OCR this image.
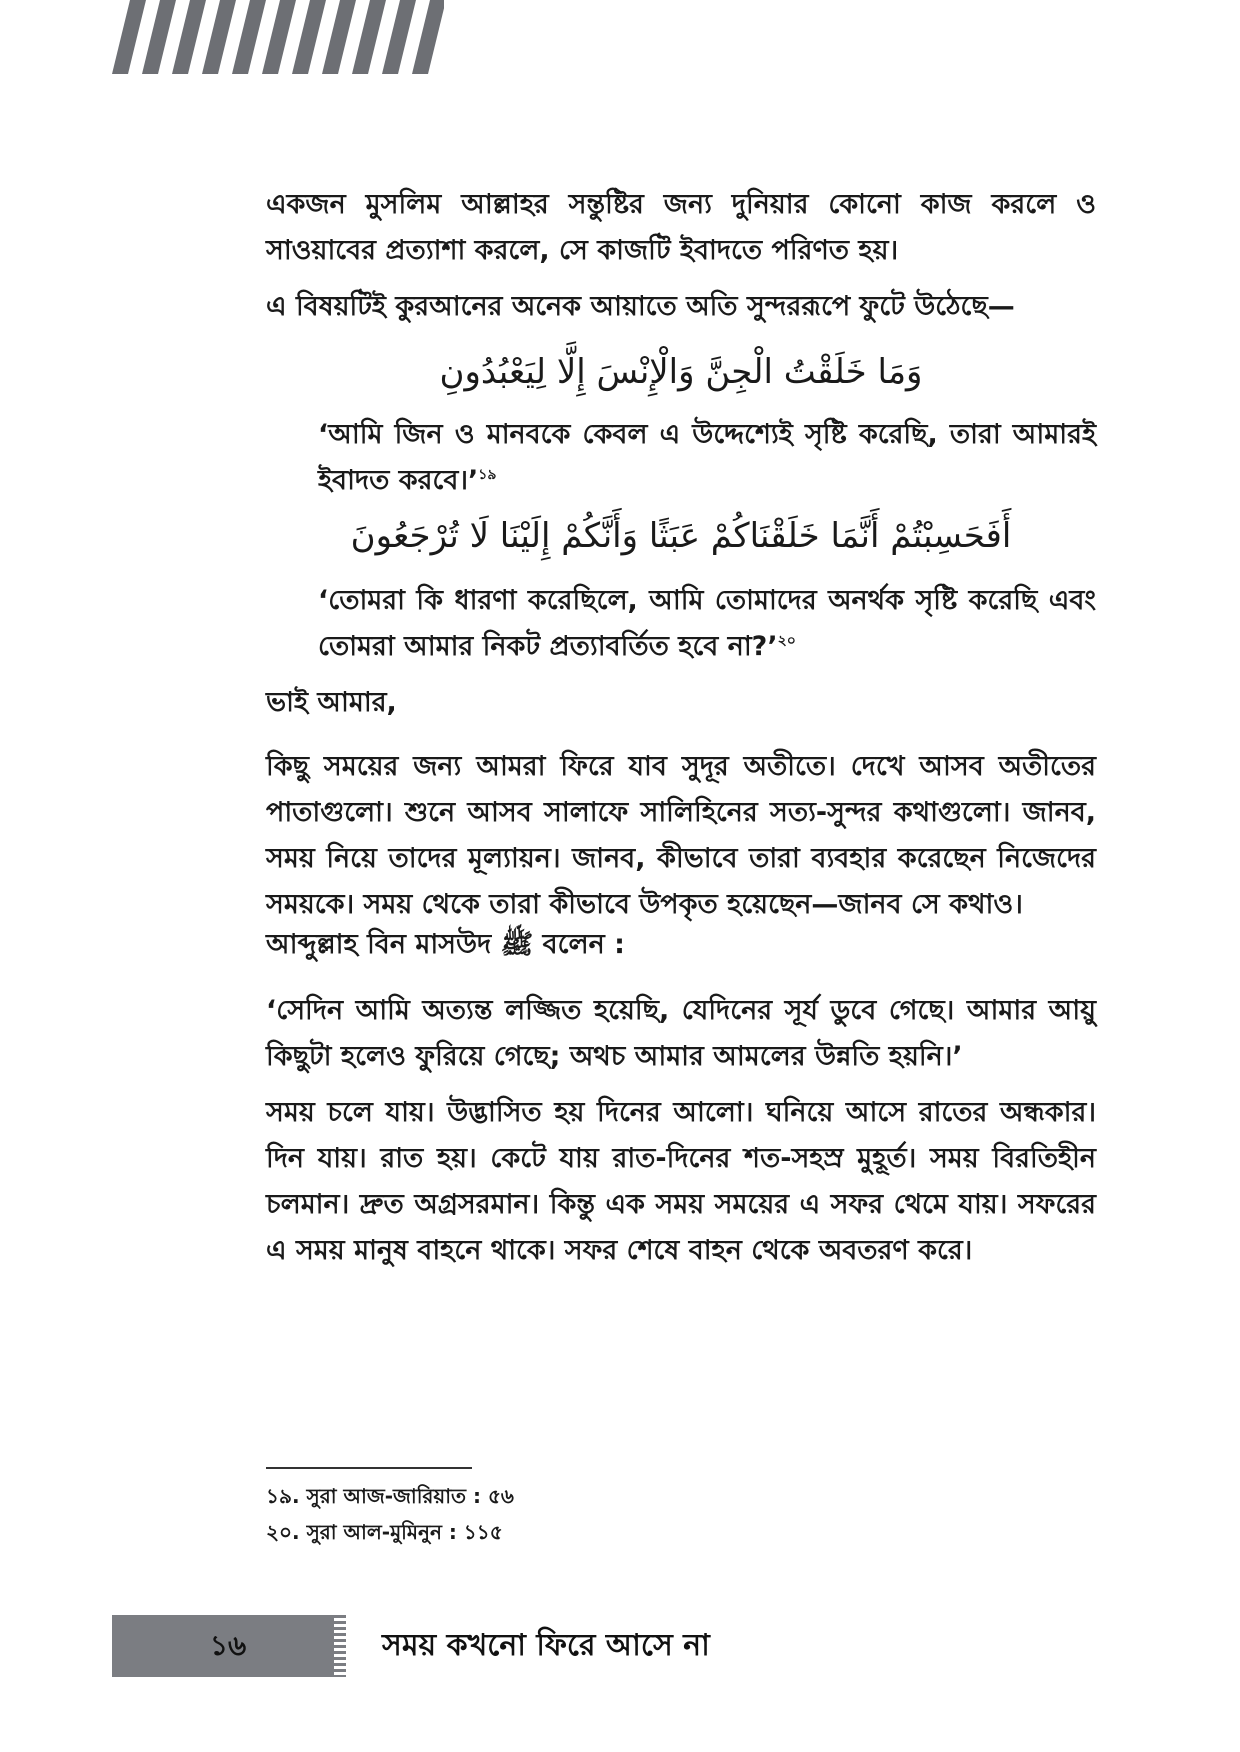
একজন মুসলিম আল্লাহর সন্তুষ্টির জন্য দুনিয়ার কোনো কাজ করলে ও সাওয়াবের প্রত্যাশা করলে, সে কাজটি ইবাদতে পরিণত হয়।

এ বিষয়টিই কুরআনের অনেক আয়াতে অতি সুন্দররূপে ফুটে উঠেছে—

وَمَا خَلَقْتُ الْجِنَّ وَالْإِنْسَ إِلَّا لِيَعْبُدُونِ

‘আমি জিন ও মানবকে কেবল এ উদ্দেশ্যেই সৃষ্টি করেছি, তারা আমারই ইবাদত করবে।’$^{১৯}$

أَفَحَسِبْتُمْ أَنَّمَا خَلَقْنَاكُمْ عَبَثًا وَأَنَّكُمْ إِلَيْنَا لَا تُرْجَعُونَ

‘তোমরা কি ধারণা করেছিলে, আমি তোমাদের অনর্থক সৃষ্টি করেছি এবং তোমরা আমার নিকট প্রত্যাবর্তিত হবে না?’$^{২০}$

ভাই আমার,

কিছু সময়ের জন্য আমরা ফিরে যাব সুদূর অতীতে। দেখে আসব অতীতের পাতাগুলো। শুনে আসব সালাফে সালিহিনের সত্য-সুন্দর কথাগুলো। জানব, সময় নিয়ে তাদের মূল্যায়ন। জানব, কীভাবে তারা ব্যবহার করেছেন নিজেদের সময়কে। সময় থেকে তারা কীভাবে উপকৃত হয়েছেন—জানব সে কথাও।

আব্দুল্লাহ বিন মাসউদ ﷺ বলেন :

‘সেদিন আমি অত্যন্ত লজ্জিত হয়েছি, যেদিনের সূর্য ডুবে গেছে। আমার আয়ু কিছুটা হলেও ফুরিয়ে গেছে; অথচ আমার আমলের উন্নতি হয়নি।’

সময় চলে যায়। উদ্ভাসিত হয় দিনের আলো। ঘনিয়ে আসে রাতের অন্ধকার। দিন যায়। রাত হয়। কেটে যায় রাত-দিনের শত-সহস্র মুহূর্ত। সময় বিরতিহীন চলমান। দ্রুত অগ্রসরমান। কিন্তু এক সময় সময়ের এ সফর থেমে যায়। সফরের এ সময় মানুষ বাহনে থাকে। সফর শেষে বাহন থেকে অবতরণ করে।

১৯. সুরা আজ-জারিয়াত : ৫৬

২০. সুরা আল-মুমিনুন : ১১৫

১৬	সময় কখনো ফিরে আসে না
